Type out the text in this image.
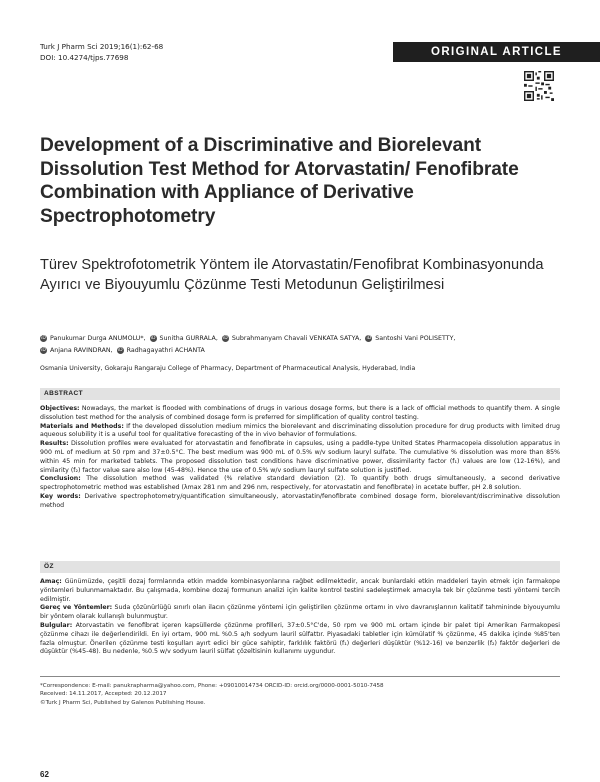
Turk J Pharm Sci 2019;16(1):62-68
DOI: 10.4274/tjps.77698	ORIGINAL ARTICLE
Development of a Discriminative and Biorelevant Dissolution Test Method for Atorvastatin/ Fenofibrate Combination with Appliance of Derivative Spectrophotometry
Türev Spektrofotometrik Yöntem ile Atorvastatin/Fenofibrat Kombinasyonunda Ayırıcı ve Biyouyumlu Çözünme Testi Metodunun Geliştirilmesi
iD Panukumar Durga ANUMOLU*, iD Sunitha GURRALA, iD Subrahmanyam Chavali VENKATA SATYA, iD Santoshi Vani POLISETTY,
iD Anjana RAVINDRAN, iD Radhagayathri ACHANTA
Osmania University, Gokaraju Rangaraju College of Pharmacy, Department of Pharmaceutical Analysis, Hyderabad, India
ABSTRACT
Objectives: Nowadays, the market is flooded with combinations of drugs in various dosage forms, but there is a lack of official methods to quantify them. A single dissolution test method for the analysis of combined dosage form is preferred for simplification of quality control testing.
Materials and Methods: If the developed dissolution medium mimics the biorelevant and discriminating dissolution procedure for drug products with limited drug aqueous solubility it is a useful tool for qualitative forecasting of the in vivo behavior of formulations.
Results: Dissolution profiles were evaluated for atorvastatin and fenofibrate in capsules, using a paddle-type United States Pharmacopeia dissolution apparatus in 900 mL of medium at 50 rpm and 37±0.5°C. The best medium was 900 mL of 0.5% w/v sodium lauryl sulfate. The cumulative % dissolution was more than 85% within 45 min for marketed tablets. The proposed dissolution test conditions have discriminative power, dissimilarity factor (f₁) values are low (12-16%), and similarity (f₂) factor value sare also low (45-48%). Hence the use of 0.5% w/v sodium lauryl sulfate solution is justified.
Conclusion: The dissolution method was validated (% relative standard deviation (2). To quantify both drugs simultaneously, a second derivative spectrophotometric method was established (λmax 281 nm and 296 nm, respectively, for atorvastatin and fenofibrate) in acetate buffer, pH 2.8 solution.
Key words: Derivative spectrophotometry/quantification simultaneously, atorvastatin/fenofibrate combined dosage form, biorelevant/discriminative dissolution method
ÖZ
Amaç: Günümüzde, çeşitli dozaj formlarında etkin madde kombinasyonlarına rağbet edilmektedir, ancak bunlardaki etkin maddeleri tayin etmek için farmakope yöntemleri bulunmamaktadır. Bu çalışmada, kombine dozaj formunun analizi için kalite kontrol testini sadeleştirmek amacıyla tek bir çözünme testi yöntemi tercih edilmiştir.
Gereç ve Yöntemler: Suda çözünürlüğü sınırlı olan ilacın çözünme yöntemi için geliştirilen çözünme ortamı in vivo davranışlarının kalitatif tahmininde biyouyumlu bir yöntem olarak kullanışlı bulunmuştur.
Bulgular: Atorvastatin ve fenofibrat içeren kapsüllerde çözünme profilleri, 37±0.5°C'de, 50 rpm ve 900 mL ortam içinde bir palet tipi Amerikan Farmakopesi çözünme cihazı ile değerlendirildi. En iyi ortam, 900 mL %0.5 a/h sodyum lauril sülfattır. Piyasadaki tabletler için kümülatif % çözünme, 45 dakika içinde %85'ten fazla olmuştur. Önerilen çözünme testi koşulları ayırt edici bir güce sahiptir, farklılık faktörü (f₁) değerleri düşüktür (%12-16) ve benzerlik (f₂) faktör değerleri de düşüktür (%45-48). Bu nedenle, %0.5 w/v sodyum lauril sülfat çözeltisinin kullanımı uygundur.
*Correspondence: E-mail: panukrapharma@yahoo.com, Phone: +09010014734 ORCID-ID: orcid.org/0000-0001-5010-7458
Received: 14.11.2017, Accepted: 20.12.2017
©Turk J Pharm Sci, Published by Galenos Publishing House.
62
